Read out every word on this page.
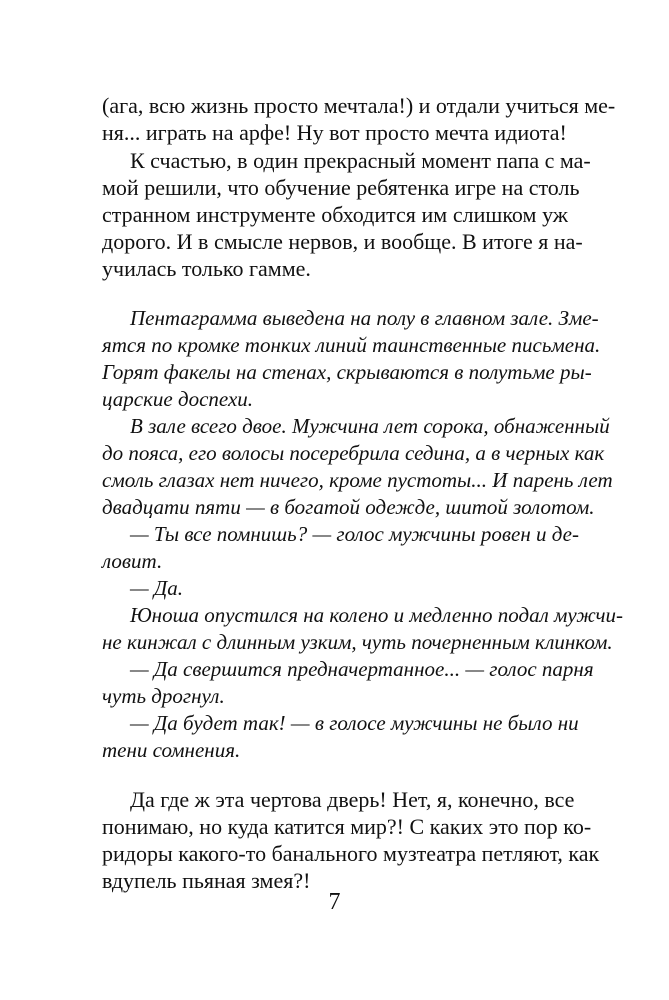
(ага, всю жизнь просто мечтала!) и отдали учиться ме-
ня... играть на арфе! Ну вот просто мечта идиота!
К счастью, в один прекрасный момент папа с ма-
мой решили, что обучение ребятенка игре на столь
странном инструменте обходится им слишком уж
дорого. И в смысле нервов, и вообще. В итоге я на-
училась только гамме.
Пентаграмма выведена на полу в главном зале. Зме-
ятся по кромке тонких линий таинственные письмена.
Горят факелы на стенах, скрываются в полутьме ры-
царские доспехи.
В зале всего двое. Мужчина лет сорока, обнаженный
до пояса, его волосы посеребрила седина, а в черных как
смоль глазах нет ничего, кроме пустоты... И парень лет
двадцати пяти — в богатой одежде, шитой золотом.
— Ты все помнишь? — голос мужчины ровен и де-
ловит.
— Да.
Юноша опустился на колено и медленно подал мужчи-
не кинжал с длинным узким, чуть почерненным клинком.
— Да свершится предначертанное... — голос парня
чуть дрогнул.
— Да будет так! — в голосе мужчины не было ни
тени сомнения.
Да где ж эта чертова дверь! Нет, я, конечно, все
понимаю, но куда катится мир?! С каких это пор ко-
ридоры какого-то банального музтеатра петляют, как
вдупель пьяная змея?!
7
